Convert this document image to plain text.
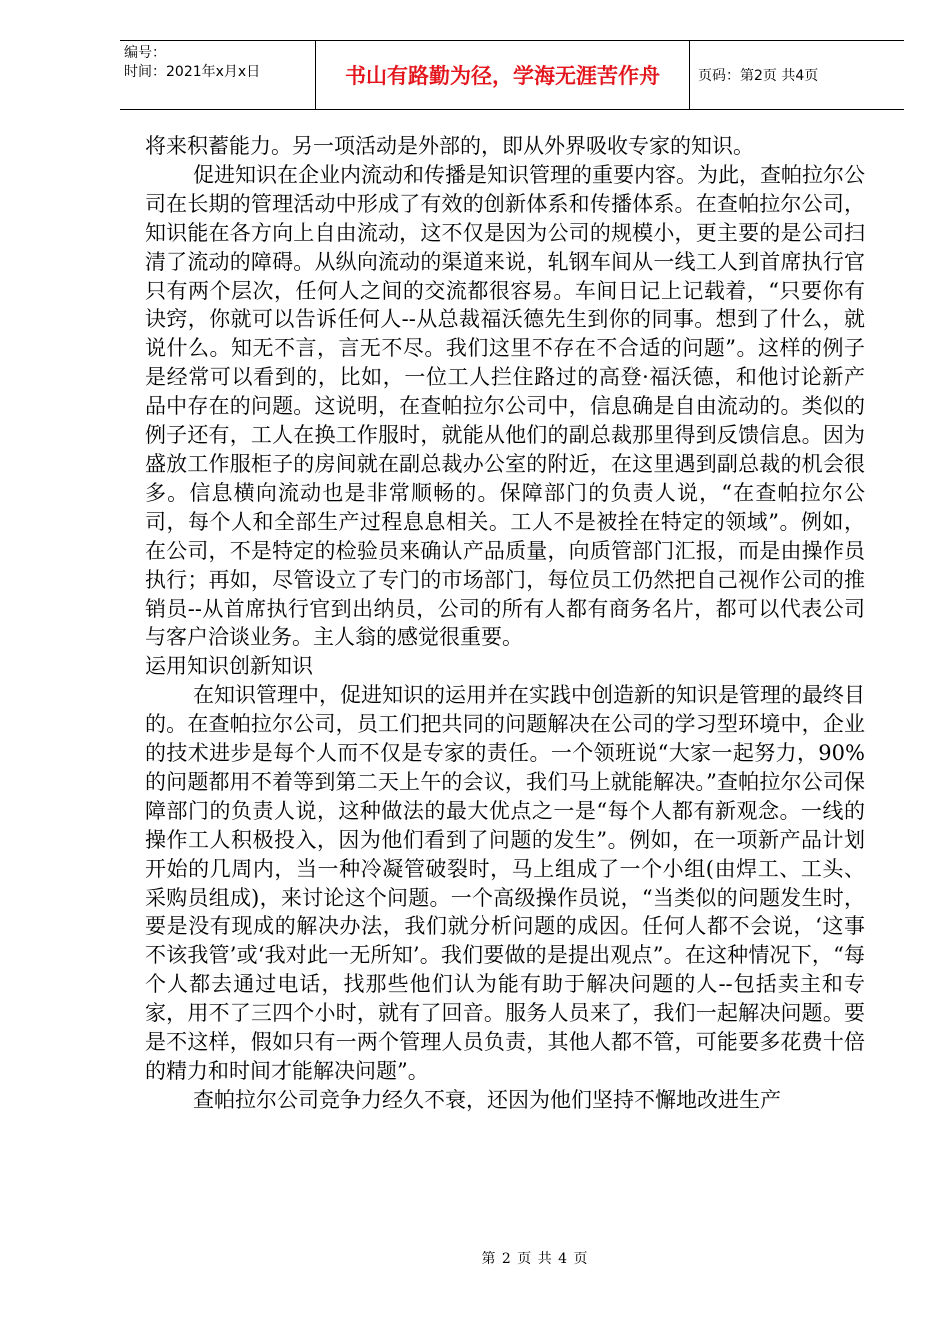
编号：
时间：2021年x月x日	书山有路勤为径，学海无涯苦作舟	页码：第2页 共4页

将来积蓄能力。另一项活动是外部的，即从外界吸收专家的知识。

促进知识在企业内流动和传播是知识管理的重要内容。为此，查帕拉尔公司在长期的管理活动中形成了有效的创新体系和传播体系。在查帕拉尔公司，知识能在各方向上自由流动，这不仅是因为公司的规模小，更主要的是公司扫清了流动的障碍。从纵向流动的渠道来说，轧钢车间从一线工人到首席执行官只有两个层次，任何人之间的交流都很容易。车间日记上记载着，“只要你有诀窍，你就可以告诉任何人--从总裁福沃德先生到你的同事。想到了什么，就说什么。知无不言，言无不尽。我们这里不存在不合适的问题”。这样的例子是经常可以看到的，比如，一位工人拦住路过的高登·福沃德，和他讨论新产品中存在的问题。这说明，在查帕拉尔公司中，信息确是自由流动的。类似的例子还有，工人在换工作服时，就能从他们的副总裁那里得到反馈信息。因为盛放工作服柜子的房间就在副总裁办公室的附近，在这里遇到副总裁的机会很多。信息横向流动也是非常顺畅的。保障部门的负责人说，“在查帕拉尔公司，每个人和全部生产过程息息相关。工人不是被拴在特定的领域”。例如，在公司，不是特定的检验员来确认产品质量，向质管部门汇报，而是由操作员执行；再如，尽管设立了专门的市场部门，每位员工仍然把自己视作公司的推销员--从首席执行官到出纳员，公司的所有人都有商务名片，都可以代表公司与客户洽谈业务。主人翁的感觉很重要。

运用知识创新知识

在知识管理中，促进知识的运用并在实践中创造新的知识是管理的最终目的。在查帕拉尔公司，员工们把共同的问题解决在公司的学习型环境中，企业的技术进步是每个人而不仅是专家的责任。一个领班说“大家一起努力，90%的问题都用不着等到第二天上午的会议，我们马上就能解决。”查帕拉尔公司保障部门的负责人说，这种做法的最大优点之一是“每个人都有新观念。一线的操作工人积极投入，因为他们看到了问题的发生”。例如，在一项新产品计划开始的几周内，当一种冷凝管破裂时，马上组成了一个小组(由焊工、工头、采购员组成)，来讨论这个问题。一个高级操作员说，“当类似的问题发生时，要是没有现成的解决办法，我们就分析问题的成因。任何人都不会说，‘这事不该我管’或‘我对此一无所知’。我们要做的是提出观点”。在这种情况下，“每个人都去通过电话，找那些他们认为能有助于解决问题的人--包括卖主和专家，用不了三四个小时，就有了回音。服务人员来了，我们一起解决问题。要是不这样，假如只有一两个管理人员负责，其他人都不管，可能要多花费十倍的精力和时间才能解决问题”。

查帕拉尔公司竞争力经久不衰，还因为他们坚持不懈地改进生产

第 2 页 共 4 页
